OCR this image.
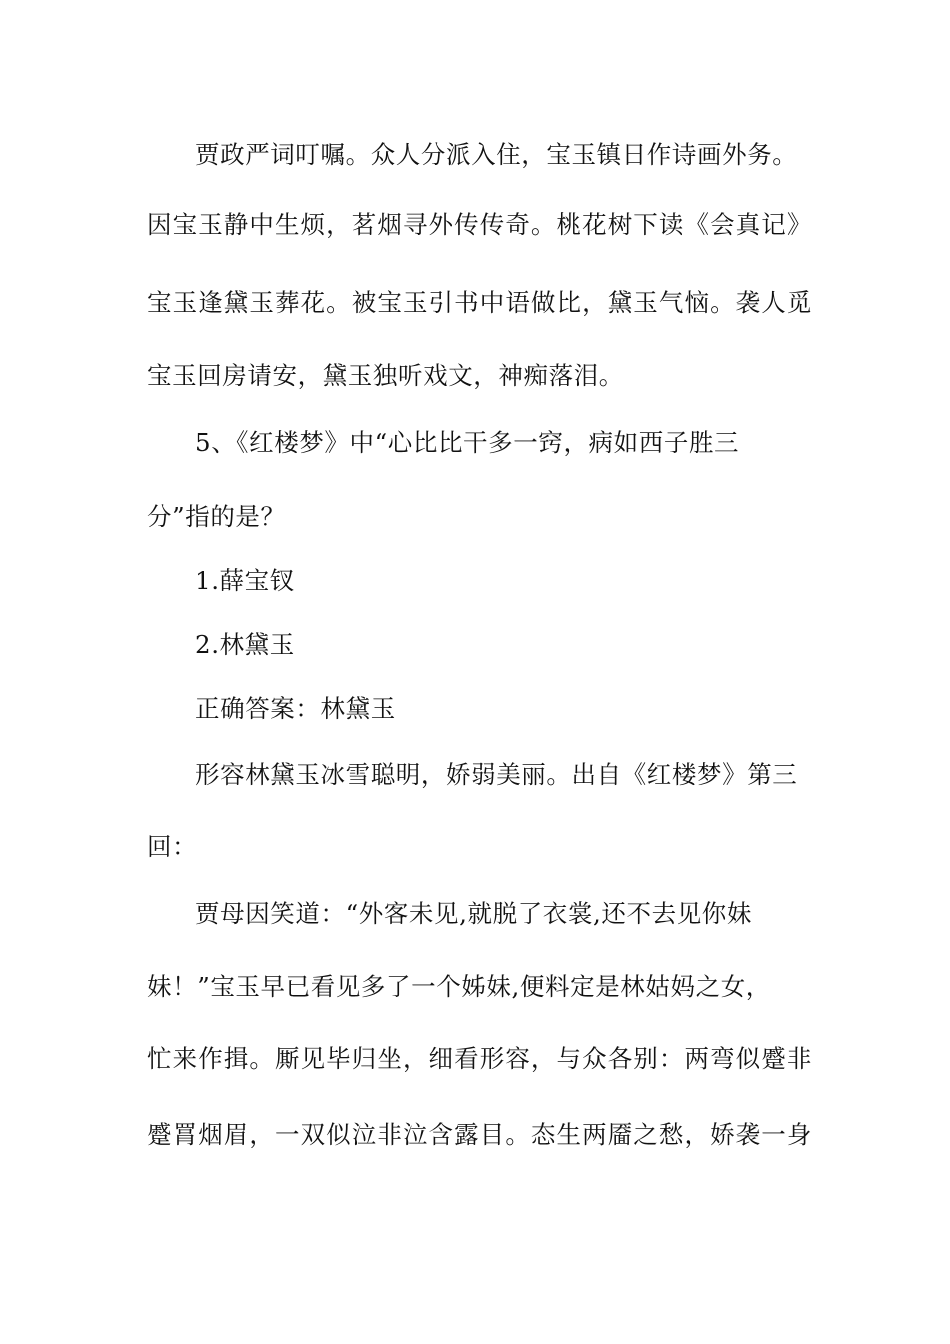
贾政严词叮嘱。众人分派入住，宝玉镇日作诗画外务。
因 宝 玉 静 中 生 烦 ， 茗 烟 寻 外 传 传 奇 。 桃 花 树 下 读 《 会 真 记 》
宝 玉 逢 黛 玉 葬 花 。 被 宝 玉 引 书 中 语 做 比 ， 黛 玉 气 恼 。 袭 人 觅
宝玉回房请安，黛玉独听戏文，神痴落泪。
5、《红楼梦》中“心比比干多一窍，病如西子胜三
分”指的是？
1.薛宝钗
2.林黛玉
正确答案：林黛玉
形容林黛玉冰雪聪明，娇弱美丽。出自《红楼梦》第三
回：
贾母因笑道：“外客未见,就脱了衣裳,还不去见你妹
妹！”宝玉早已看见多了一个姊妹,便料定是林姑妈之女，
忙 来 作 揖 。 厮 见 毕 归 坐 ， 细 看 形 容 ， 与 众 各 别 ： 两 弯 似 蹙 非
蹙 罥 烟 眉 ， 一 双 似 泣 非 泣 含 露 目 。 态 生 两 靥 之 愁 ， 娇 袭 一 身
